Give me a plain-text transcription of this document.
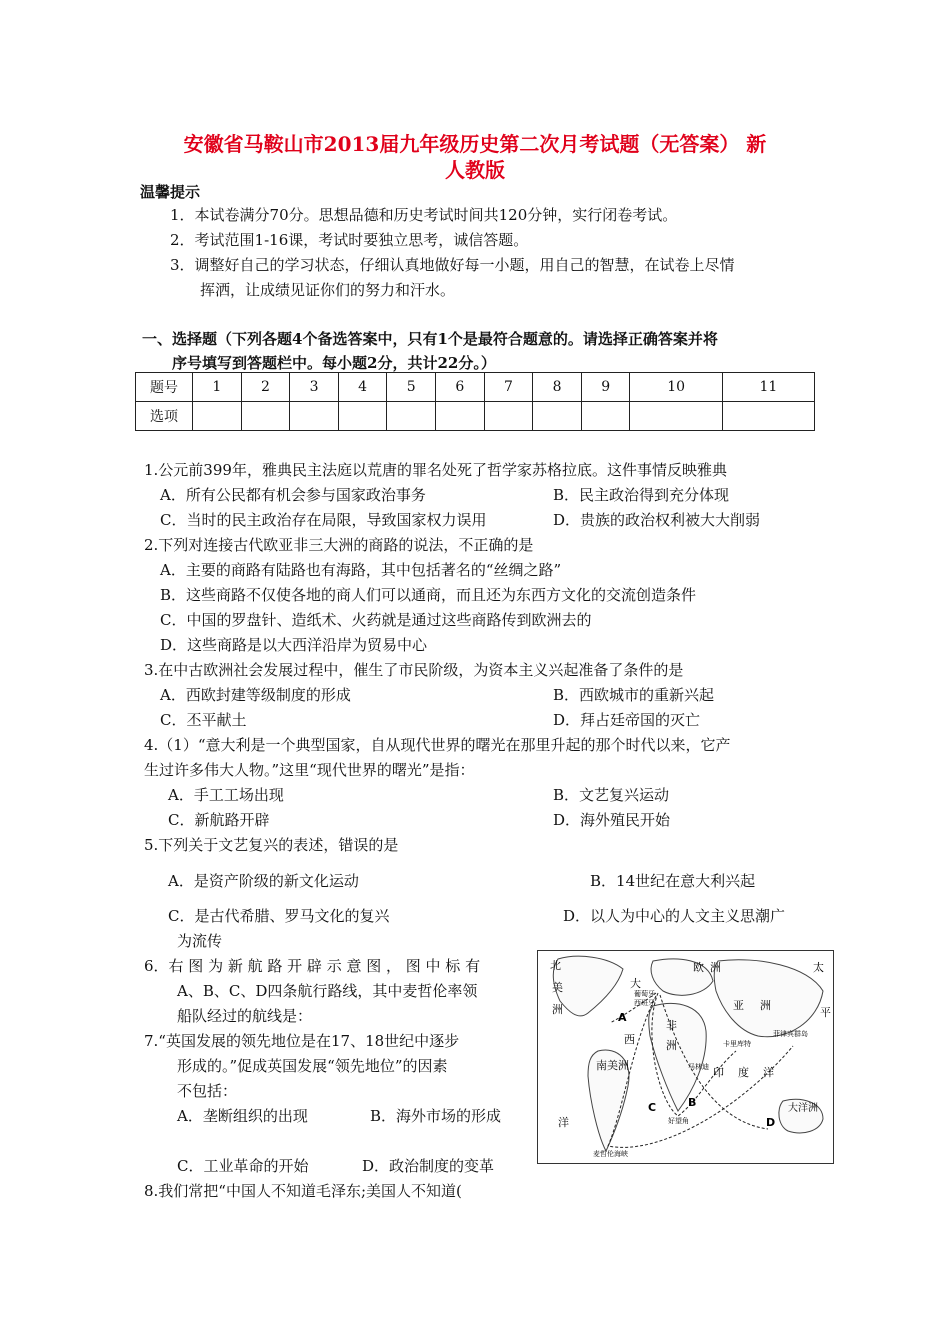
安徽省马鞍山市2013届九年级历史第二次月考试题（无答案） 新
人教版
温馨提示
1．本试卷满分70分。思想品德和历史考试时间共120分钟，实行闭卷考试。
2．考试范围1-16课，考试时要独立思考，诚信答题。
3．调整好自己的学习状态，仔细认真地做好每一小题，用自己的智慧，在试卷上尽情
挥洒，让成绩见证你们的努力和汗水。
一、选择题（下列各题4个备选答案中，只有1个是最符合题意的。请选择正确答案并将
序号填写到答题栏中。每小题2分，共计22分。）
题号	1	2	3	4	5	6	7	8	9	10	11
选项											
1.公元前399年，雅典民主法庭以荒唐的罪名处死了哲学家苏格拉底。这件事情反映雅典
A．所有公民都有机会参与国家政治事务	B．民主政治得到充分体现
C．当时的民主政治存在局限，导致国家权力误用	D．贵族的政治权利被大大削弱
2.下列对连接古代欧亚非三大洲的商路的说法，不正确的是
A．主要的商路有陆路也有海路，其中包括著名的“丝绸之路”
B．这些商路不仅使各地的商人们可以通商，而且还为东西方文化的交流创造条件
C．中国的罗盘针、造纸术、火药就是通过这些商路传到欧洲去的
D．这些商路是以大西洋沿岸为贸易中心
3.在中古欧洲社会发展过程中，催生了市民阶级，为资本主义兴起准备了条件的是
A．西欧封建等级制度的形成	B．西欧城市的重新兴起
C．丕平献土	D．拜占廷帝国的灭亡
4.（1）“意大利是一个典型国家，自从现代世界的曙光在那里升起的那个时代以来，它产
生过许多伟大人物。”这里“现代世界的曙光”是指：
A．手工工场出现	B．文艺复兴运动
C．新航路开辟	D．海外殖民开始
5.下列关于文艺复兴的表述，错误的是
A．是资产阶级的新文化运动	B．14世纪在意大利兴起
C．是古代希腊、罗马文化的复兴	D．以人为中心的人文主义思潮广
为流传
6．右 图 为 新 航 路 开 辟 示 意 图 ， 图 中 标 有
A、B、C、D四条航行路线，其中麦哲伦率领
船队经过的航线是：
7.“英国发展的领先地位是在17、18世纪中逐步
形成的。”促成英国发展“领先地位”的因素
不包括：
A．垄断组织的出现	B．海外市场的形成
C．工业革命的开始	D．政治制度的变革
8.我们常把“中国人不知道毛泽东;美国人不知道(
北
美
洲
大
西
洋
欧 洲
亚 洲
非
洲
南美洲
印 度 洋
大洋洲
太
平
A
B
C
D
菲律宾群岛
麦哲伦海峡
好望角
葡萄牙
西班牙
卡里库特
马林迪
